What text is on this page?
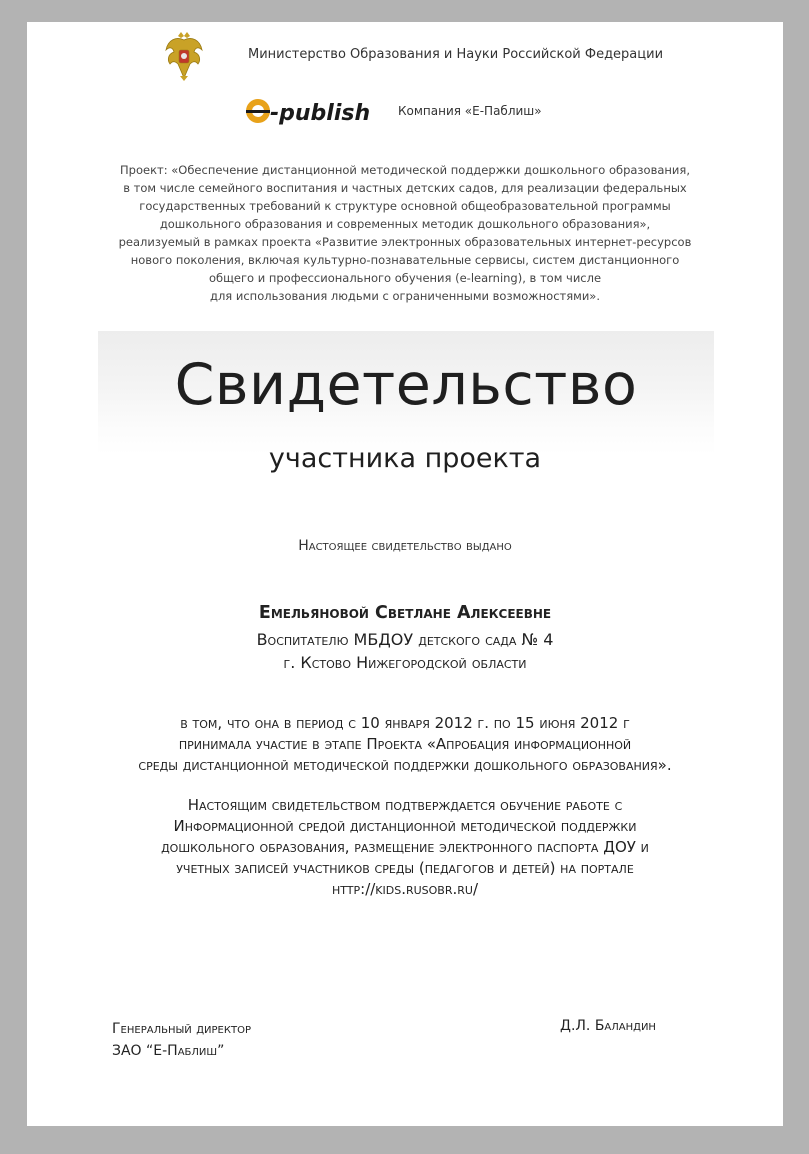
Министерство Образования и Науки Российской Федерации
-publish Компания «Е-Паблиш»
Проект: «Обеспечение дистанционной методической поддержки дошкольного образования,
в том числе семейного воспитания и частных детских садов, для реализации федеральных
государственных требований к структуре основной общеобразовательной программы
дошкольного образования и современных методик дошкольного образования»,
реализуемый в рамках проекта «Развитие электронных образовательных интернет-ресурсов
нового поколения, включая культурно-познавательные сервисы, систем дистанционного
общего и профессионального обучения (e-learning), в том числе
для использования людьми с ограниченными возможностями».
Свидетельство
участника проекта
Настоящее свидетельство выдано
Емельяновой Светлане Алексеевне
Воспитателю МБДОУ детского сада № 4
г. Кстово Нижегородской области
в том, что она в период с 10 января 2012 г. по 15 июня 2012 г
принимала участие в этапе Проекта «Апробация информационной
среды дистанционной методической поддержки дошкольного образования».
Настоящим свидетельством подтверждается обучение работе с
Информационной средой дистанционной методической поддержки
дошкольного образования, размещение электронного паспорта ДОУ и
учетных записей участников среды (педагогов и детей) на портале
http://kids.rusobr.ru/
Генеральный директор
ЗАО “Е-Паблиш”
Д.Л. Баландин
